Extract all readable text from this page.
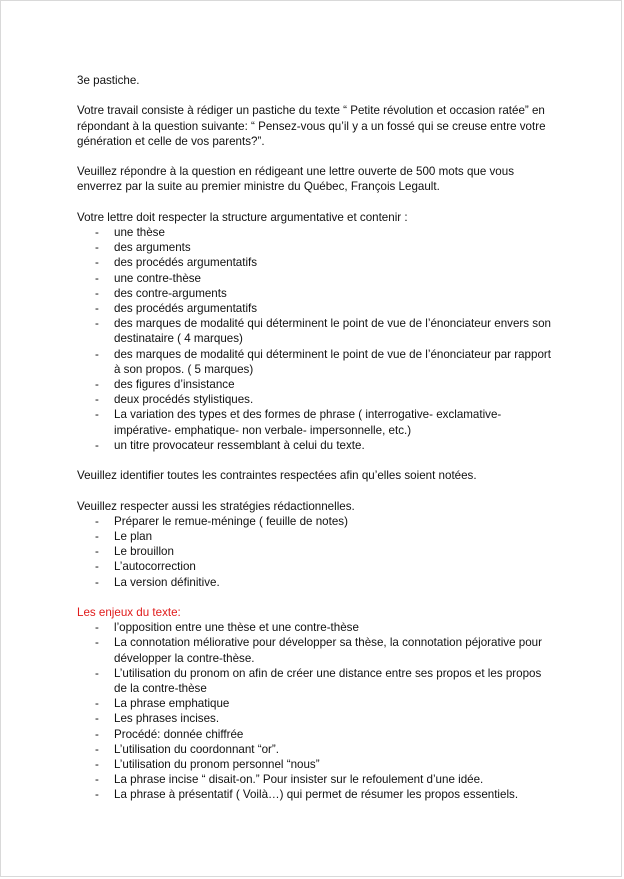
3e pastiche.

Votre travail consiste à rédiger un pastiche du texte “ Petite révolution et occasion ratée” en répondant à la question suivante: “ Pensez-vous qu’il y a un fossé qui se creuse entre votre génération et celle de vos parents?”.

Veuillez répondre à la question en rédigeant une lettre ouverte de 500 mots que vous enverrez par la suite au premier ministre du Québec, François Legault.

Votre lettre doit respecter la structure argumentative et contenir :

- une thèse
- des arguments
- des procédés argumentatifs
- une contre-thèse
- des contre-arguments
- des procédés argumentatifs
- des marques de modalité qui déterminent le point de vue de l’énonciateur envers son destinataire ( 4 marques)
- des marques de modalité qui déterminent le point de vue de l’énonciateur par rapport à son propos. ( 5 marques)
- des figures d’insistance
- deux procédés stylistiques.
- La variation des types et des formes de phrase ( interrogative- exclamative- impérative- emphatique- non verbale- impersonnelle, etc.)
- un titre provocateur ressemblant à celui du texte.

Veuillez identifier toutes les contraintes respectées afin qu’elles soient notées.

Veuillez respecter aussi les stratégies rédactionnelles.

- Préparer le remue-méninge ( feuille de notes)
- Le plan
- Le brouillon
- L’autocorrection
- La version définitive.

Les enjeux du texte:

- l’opposition entre une thèse et une contre-thèse
- La connotation méliorative pour développer sa thèse, la connotation péjorative pour développer la contre-thèse.
- L’utilisation du pronom on afin de créer une distance entre ses propos et les propos de la contre-thèse
- La phrase emphatique
- Les phrases incises.
- Procédé: donnée chiffrée
- L’utilisation du coordonnant “or”.
- L’utilisation du pronom personnel “nous”
- La phrase incise “ disait-on.” Pour insister sur le refoulement d’une idée.
- La phrase à présentatif ( Voilà…) qui permet de résumer les propos essentiels.
